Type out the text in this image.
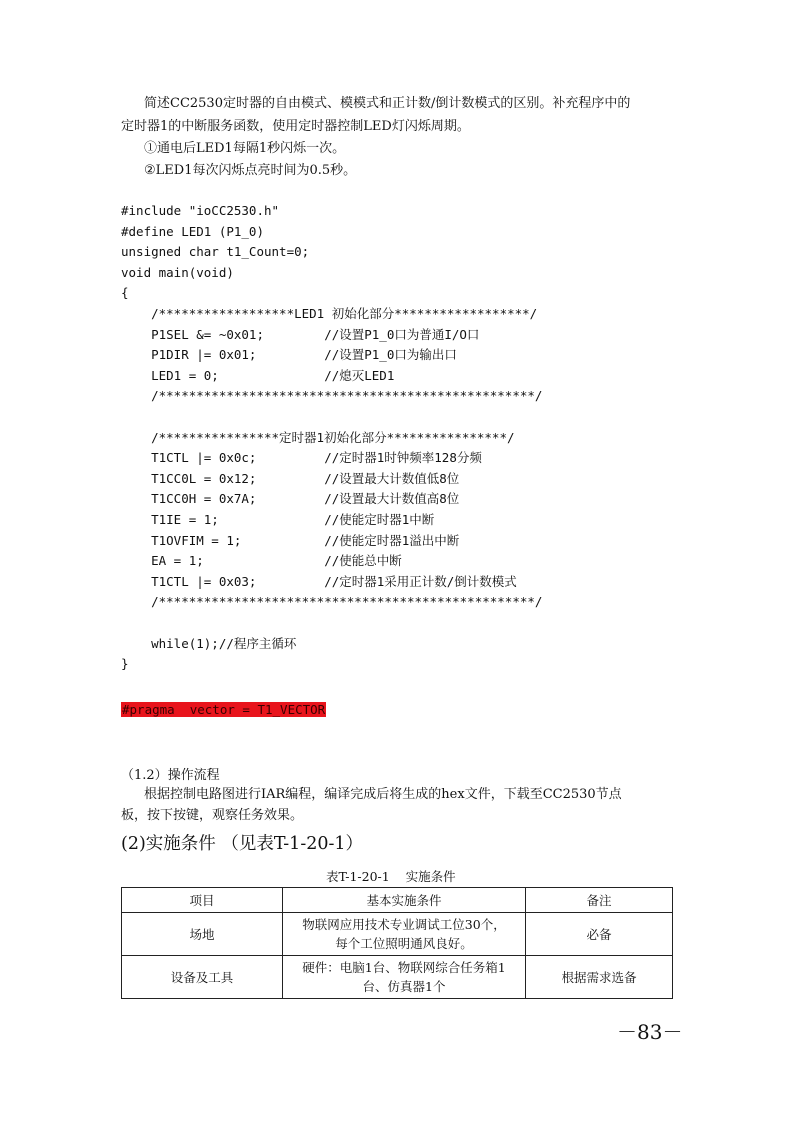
简述CC2530定时器的自由模式、模模式和正计数/倒计数模式的区别。补充程序中的
定时器1的中断服务函数，使用定时器控制LED灯闪烁周期。
①通电后LED1每隔1秒闪烁一次。
②LED1每次闪烁点亮时间为0.5秒。
#include "ioCC2530.h"
#define LED1 (P1_0)
unsigned char t1_Count=0;
void main(void)
{
/******************LED1 初始化部分******************/
P1SEL &= ~0x01;        //设置P1_0口为普通I/O口
P1DIR |= 0x01;         //设置P1_0口为输出口
LED1 = 0;              //熄灭LED1
/**************************************************/
/****************定时器1初始化部分****************/
T1CTL |= 0x0c;         //定时器1时钟频率128分频
T1CC0L = 0x12;         //设置最大计数值低8位
T1CC0H = 0x7A;         //设置最大计数值高8位
T1IE = 1;              //使能定时器1中断
T1OVFIM = 1;           //使能定时器1溢出中断
EA = 1;                //使能总中断
T1CTL |= 0x03;         //定时器1采用正计数/倒计数模式
/**************************************************/
while(1);//程序主循环
}
#pragma  vector = T1_VECTOR
（1.2）操作流程
根据控制电路图进行IAR编程，编译完成后将生成的hex文件，下载至CC2530节点
板，按下按键，观察任务效果。
(2)实施条件 （见表T-1-20-1）
表T-1-20-1    实施条件
项目	基本实施条件	备注
场地	物联网应用技术专业调试工位30个，
每个工位照明通风良好。	必备
设备及工具	硬件：电脑1台、物联网综合任务箱1
台、仿真器1个	根据需求选备
－83－
